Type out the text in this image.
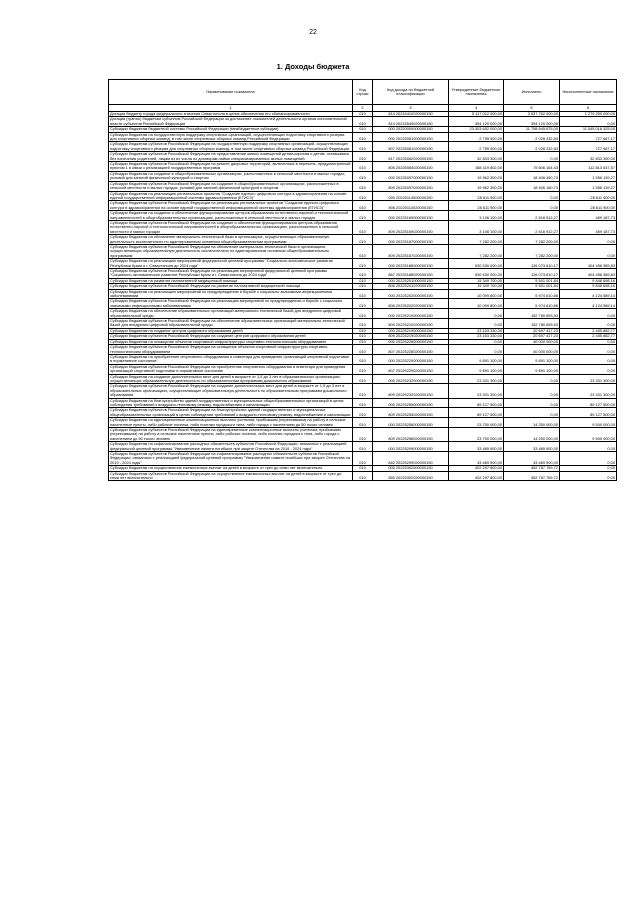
22
1. Доходы бюджета
Наименование показателя	Код строки	Код дохода по бюджетной классификации	Утвержденные бюджетные назначения	Исполнено	Неисполненные назначения
1	2	3	4	5	6
Дотация бюджету города федерального значения Севастополя в целях обеспечения его сбалансированности	010	814 20215410020000150	5 117 012 000,00	3 837 762 000,00	1 279 250 000,00
Дотации (гранты) бюджетам субъектов Российской Федерации за достижение показателей деятельности органов исполнительной власти субъектов Российской Федерации	010	814 20215549020000150	394 120 000,00	394 120 000,00	0,00
Субсидии бюджетам бюджетной системы Российской Федерации (межбюджетные субсидии)	010	000 20220000000000150	23 303 652 000,00	11 758 645 675,00	11 545 016 325,00
Субсидии бюджетам на государственную поддержку спортивных организаций, осуществляющих подготовку спортивного резерва для спортивных сборных команд, в том числе спортивных сборных команд Российской Федерации	010	000 20225081000000150	2 755 900,00	2 028 232,83	727 667,17
Субсидии бюджетам субъектов Российской Федерации на государственную поддержку спортивных организаций, осуществляющих подготовку спортивного резерва для спортивных сборных команд, в том числе спортивных сборных команд Российской Федерации	010	807 20225081020000150	2 755 900,00	2 028 232,83	727 667,17
Субсидии бюджетам субъектов Российской Федерации на предоставление жилых помещений детям-сиротам и детям, оставшимся без попечения родителей, лицам из их числа по договорам найма специализированных жилых помещений	010	817 20225082020000150	32 833 300,00	0,00	32 833 300,00
Субсидии бюджетам субъектов Российской Федерации на ремонт дворовых территорий, включенных в перечень, предусмотренный пунктом 1 в связи с реализацией государственных программ	010	805 20225084020000150	188 419 802,00	75 606 164,43	112 813 637,57
Субсидии бюджетам на создание в общеобразовательных организациях, расположенных в сельской местности и малых городах, условий для занятий физической культурой и спортом	010	000 20225097000000150	19 962 300,00	18 406 160,73	1 556 139,27
Субсидии бюджетам субъектов Российской Федерации на создание в общеобразовательных организациях, расположенных в сельской местности и малых городах, условий для занятий физической культурой и спортом	010	809 20225097020000150	19 962 300,00	18 406 160,73	1 556 139,27
Субсидии бюджетам на реализацию региональных проектов "Создание единого цифрового контура в здравоохранении на основе единой государственной информационной системы здравоохранения (ЕГИСЗ)"	010	000 20225114000000150	28 611 900,00	0,00	28 611 900,00
Субсидии бюджетам субъектов Российской Федерации на реализацию региональных проектов "Создание единого цифрового контура в здравоохранении на основе единой государственной информационной системы здравоохранения (ЕГИСЗ)"	010	806 20225114020000150	28 611 900,00	0,00	28 611 900,00
Субсидии бюджетам на создание и обеспечение функционирования центров образования естественно-научной и технологической направленностей в общеобразовательных организациях, расположенных в сельской местности и малых городах	010	000 20225169000000150	3 106 100,00	2 616 912,27	489 187,73
Субсидии бюджетам субъектов Российской Федерации на создание и обеспечение функционирования центров образования естественно-научной и технологической направленностей в общеобразовательных организациях, расположенных в сельской местности и малых городах	010	809 20225169020000150	3 106 100,00	2 616 912,27	489 187,73
Субсидии бюджетам на обновление материально-технической базы в организациях, осуществляющих образовательную деятельность исключительно по адаптированным основным общеобразовательным программам	010	000 20225187000000150	7 282 200,00	7 282 200,00	0,00
Субсидии бюджетам субъектов Российской Федерации на обновление материально-технической базы в организациях, осуществляющих образовательную деятельность исключительно по адаптированным основным общеобразовательным программам	010	809 20225187020000150	7 282 200,00	7 282 200,00	0,00
Субсидии бюджетам на реализацию мероприятий федеральной целевой программы "Социально-экономическое развитие Республики Крым и г. Севастополя до 2024 года"	010	000 20225188000000150	530 530 000,00	126 073 610,17	404 456 389,83
Субсидии бюджетам субъектов Российской Федерации на реализацию мероприятий федеральной целевой программы "Социально-экономическое развитие Республики Крым и г. Севастополя до 2024 года"	010	867 20225188020000150	530 530 000,00	126 073 610,17	404 456 389,83
Субсидии бюджетам на развитие паллиативной медицинской помощи	010	000 20225201000000150	15 349 700,00	5 501 001,84	9 848 698,16
Субсидии бюджетам субъектов Российской Федерации на развитие паллиативной медицинской помощи	010	806 20225201020000150	15 349 700,00	5 501 001,84	9 848 698,16
Субсидии бюджетам на реализацию мероприятий по предупреждению и борьбе с социально значимыми инфекционными заболеваниями	010	000 20225202000000150	10 099 800,00	5 974 610,86	4 124 589,14
Субсидии бюджетам субъектов Российской Федерации на реализацию мероприятий по предупреждению и борьбе с социально значимыми инфекционными заболеваниями	010	806 20225202020000150	10 099 800,00	5 974 610,86	4 124 589,14
Субсидии бюджетам на обеспечение образовательных организаций материально-технической базой для внедрения цифровой образовательной среды	010	000 20225210000000150	0,00	152 780 693,93	0,00
Субсидии бюджетам субъектов Российской Федерации на обеспечение образовательных организаций материально-технической базой для внедрения цифровой образовательной среды	010	809 20225210020000150	0,00	152 780 693,93	0,00
Субсидии бюджетам на создание центров цифрового образования детей	010	000 20225219000000150	23 153 330,00	20 697 417,23	2 455 882,77
Субсидии бюджетам субъектов Российской Федерации на создание центров цифрового образования детей	010	809 20225219020000150	23 153 330,00	20 697 417,23	2 455 882,77
Субсидии бюджетам на оснащение объектов спортивной инфраструктуры спортивно-технологическим оборудованием	010	000 20225228000000150	0,00	40 000 000,00	0,00
Субсидии бюджетам субъектов Российской Федерации на оснащение объектов спортивной инфраструктуры спортивно-технологическим оборудованием	010	807 20225228020000150	0,00	40 000 000,00	0,00
Субсидии бюджетам на приобретение спортивного оборудования и инвентаря для приведения организаций спортивной подготовки в нормативное состояние	010	000 20225229000000150	9 891 100,00	9 891 100,00	0,00
Субсидии бюджетам субъектов Российской Федерации на приобретение спортивного оборудования и инвентаря для приведения организаций спортивной подготовки в нормативное состояние	010	807 20225229020000150	9 891 100,00	9 891 100,00	0,00
Субсидии бюджетам на создание дополнительных мест для детей в возрасте от 1,5 до 3 лет в образовательных организациях, осуществляющих образовательную деятельность по образовательным программам дошкольного образования	010	000 20225232000000150	23 331 300,00	0,00	23 331 300,00
Субсидии бюджетам субъектов Российской Федерации на создание дополнительных мест для детей в возрасте от 1,5 до 3 лет в образовательных организациях, осуществляющих образовательную деятельность по образовательным программам дошкольного образования	010	809 20225232020000150	23 331 300,00	0,00	23 331 300,00
Субсидии бюджетам на благоустройство зданий государственных и муниципальных общеобразовательных организаций в целях соблюдения требований к воздушно-тепловому режиму, водоснабжению и канализации	010	000 20225255000000150	89 127 500,00	0,00	89 127 500,00
Субсидии бюджетам субъектов Российской Федерации на благоустройство зданий государственных и муниципальных общеобразовательных организаций в целях соблюдения требований к воздушно-тепловому режиму, водоснабжению и канализации	010	809 20225255020000150	89 127 500,00	0,00	89 127 500,00
Субсидии бюджетам на единовременные компенсационные выплаты учителям, прибывшим (переехавшим) на работу в сельские населенные пункты, либо рабочие поселки, либо поселки городского типа, либо города с населением до 50 тысяч человек	010	000 20225256000000150	23 750 000,00	14 250 000,00	9 500 000,00
Субсидии бюджетам субъектов Российской Федерации на единовременные компенсационные выплаты учителям, прибывшим (переехавшим) на работу в сельские населенные пункты, либо рабочие поселки, либо поселки городского типа, либо города с населением до 50 тысяч человек	010	809 20225256020000150	23 750 000,00	14 250 000,00	9 500 000,00
Субсидии бюджетам на софинансирование расходных обязательств субъектов Российской Федерации, связанных с реализацией федеральной целевой программы "Увековечение памяти погибших при защите Отечества на 2019 - 2024 годы"	010	000 20225299000000150	33 489 900,00	33 489 900,00	0,00
Субсидии бюджетам субъектов Российской Федерации на софинансирование расходных обязательств субъектов Российской Федерации, связанных с реализацией федеральной целевой программы "Увековечение памяти погибших при защите Отечества на 2019 - 2024 годы"	010	842 20225299020000150	33 489 900,00	33 489 900,00	0,00
Субсидии бюджетам на осуществление ежемесячных выплат на детей в возрасте от трех до семи лет включительно	010	000 20225302000000150	402 297 800,00	452 787 769,72	0,00
Субсидии бюджетам субъектов Российской Федерации на осуществление ежемесячных выплат на детей в возрасте от трех до семи лет включительно	010	855 20225302020000150	402 297 800,00	452 787 769,72	0,00
